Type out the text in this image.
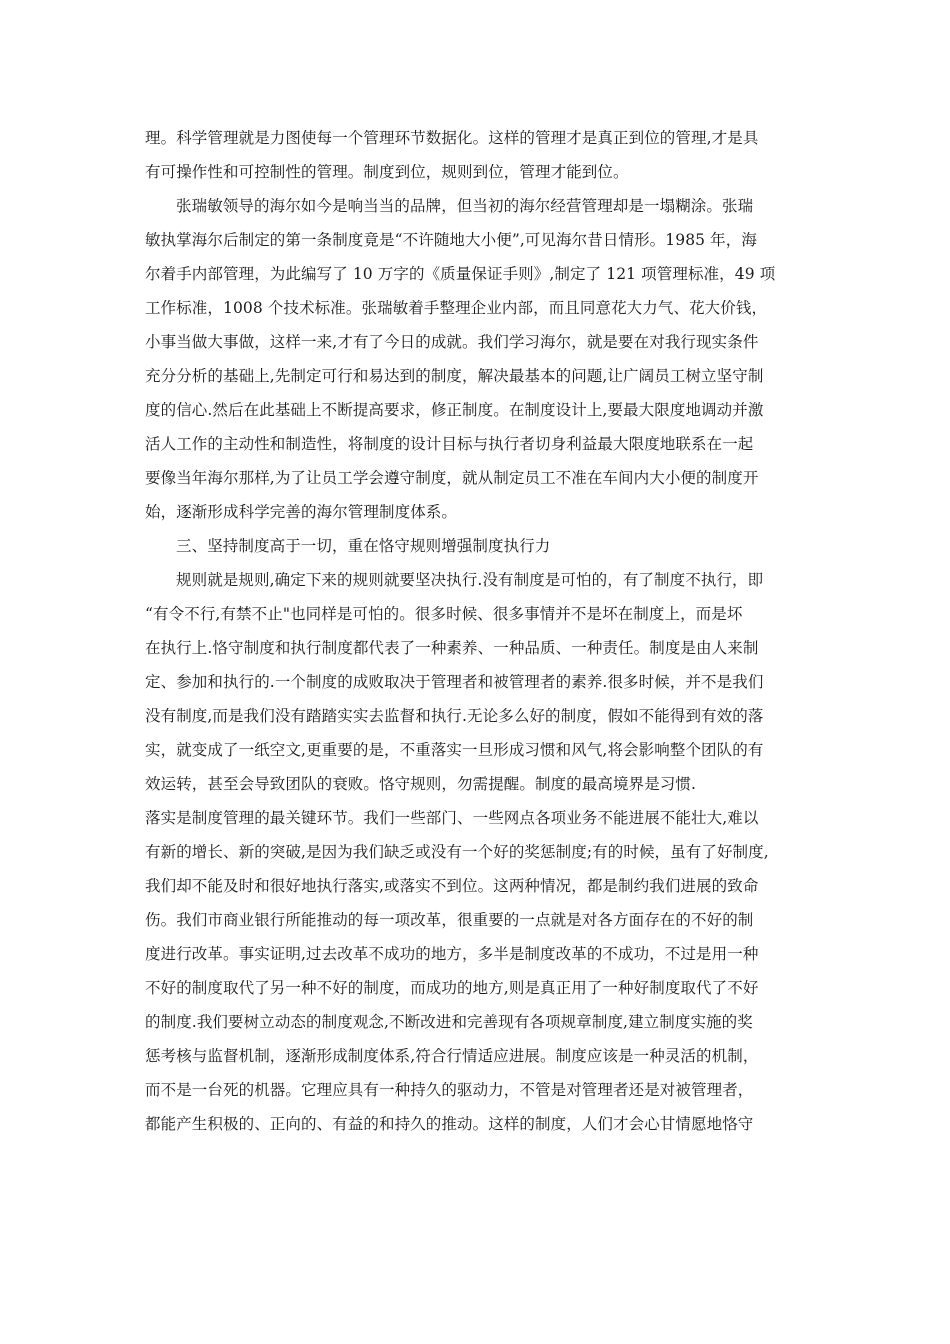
理。科学管理就是力图使每一个管理环节数据化。这样的管理才是真正到位的管理,才是具
有可操作性和可控制性的管理。制度到位，规则到位，管理才能到位。
张瑞敏领导的海尔如今是响当当的品牌，但当初的海尔经营管理却是一塌糊涂。张瑞
敏执掌海尔后制定的第一条制度竟是“不许随地大小便”,可见海尔昔日情形。1985 年，海
尔着手内部管理，为此编写了 10 万字的《质量保证手则》,制定了 121 项管理标准，49 项
工作标准，1008 个技术标准。张瑞敏着手整理企业内部，而且同意花大力气、花大价钱，
小事当做大事做，这样一来,才有了今日的成就。我们学习海尔，就是要在对我行现实条件
充分分析的基础上,先制定可行和易达到的制度，解决最基本的问题,让广阔员工树立坚守制
度的信心.然后在此基础上不断提高要求，修正制度。在制度设计上,要最大限度地调动并激
活人工作的主动性和制造性，将制度的设计目标与执行者切身利益最大限度地联系在一起
要像当年海尔那样,为了让员工学会遵守制度，就从制定员工不准在车间内大小便的制度开
始，逐渐形成科学完善的海尔管理制度体系。
三、坚持制度高于一切，重在恪守规则增强制度执行力
规则就是规则,确定下来的规则就要坚决执行.没有制度是可怕的，有了制度不执行，即
“有令不行,有禁不止"也同样是可怕的。很多时候、很多事情并不是坏在制度上，而是坏
在执行上.恪守制度和执行制度都代表了一种素养、一种品质、一种责任。制度是由人来制
定、参加和执行的.一个制度的成败取决于管理者和被管理者的素养.很多时候，并不是我们
没有制度,而是我们没有踏踏实实去监督和执行.无论多么好的制度，假如不能得到有效的落
实，就变成了一纸空文,更重要的是，不重落实一旦形成习惯和风气,将会影响整个团队的有
效运转，甚至会导致团队的衰败。恪守规则，勿需提醒。制度的最高境界是习惯.
落实是制度管理的最关键环节。我们一些部门、一些网点各项业务不能进展不能壮大,难以
有新的增长、新的突破,是因为我们缺乏或没有一个好的奖惩制度;有的时候，虽有了好制度,
我们却不能及时和很好地执行落实,或落实不到位。这两种情况，都是制约我们进展的致命
伤。我们市商业银行所能推动的每一项改革，很重要的一点就是对各方面存在的不好的制
度进行改革。事实证明,过去改革不成功的地方，多半是制度改革的不成功，不过是用一种
不好的制度取代了另一种不好的制度，而成功的地方,则是真正用了一种好制度取代了不好
的制度.我们要树立动态的制度观念,不断改进和完善现有各项规章制度,建立制度实施的奖
惩考核与监督机制，逐渐形成制度体系,符合行情适应进展。制度应该是一种灵活的机制，
而不是一台死的机器。它理应具有一种持久的驱动力，不管是对管理者还是对被管理者，
都能产生积极的、正向的、有益的和持久的推动。这样的制度，人们才会心甘情愿地恪守
